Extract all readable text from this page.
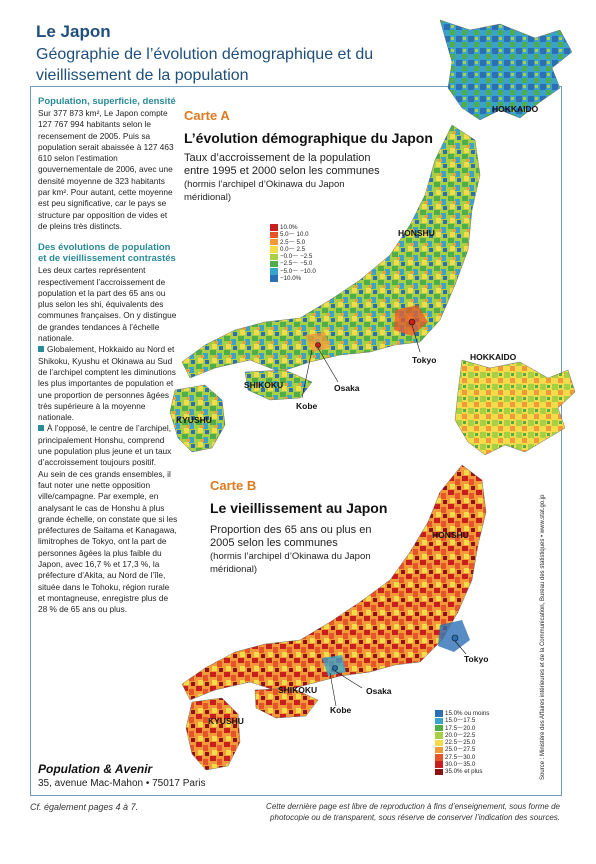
Le Japon
Géographie de l’évolution démographique et du vieillissement de la population
Population, superficie, densité

Sur 377 873 km², Le Japon compte 127 767 994 habitants selon le recensement de 2005. Puis sa population serait abaissée à 127 463 610 selon l’estimation gouvernementale de 2006, avec une densité moyenne de 323 habitants par km². Pour autant, cette moyenne est peu significative, car le pays se structure par opposition de vides et de pleins très distincts.

Des évolutions de population et de vieillissement contrastés

Les deux cartes représentent respectivement l’accroissement de population et la part des 65 ans ou plus selon les shi, équivalents des communes françaises. On y distingue de grandes tendances à l’échelle nationale.

Globalement, Hokkaido au Nord et Shikoku, Kyushu et Okinawa au Sud de l’archipel comptent les diminutions les plus importantes de population et une proportion de personnes âgées très supérieure à la moyenne nationale.

À l’opposé, le centre de l’archipel, principalement Honshu, comprend une population plus jeune et un taux d’accroissement toujours positif.

Au sein de ces grands ensembles, il faut noter une nette opposition ville/campagne. Par exemple, en analysant le cas de Honshu à plus grande échelle, on constate que si les préfectures de Saitama et Kanagawa, limitrophes de Tokyo, ont la part de personnes âgées la plus faible du Japon, avec 16,7 % et 17,3 %, la préfecture d’Akita, au Nord de l’île, située dans le Tohoku, région rurale et montagneuse, enregistre plus de 28 % de 65 ans ou plus.

Carte A
L’évolution démographique du Japon
Taux d’accroissement de la population entre 1995 et 2000 selon les communes
(hormis l’archipel d’Okinawa du Japon méridional)
10.0%
5.0〜 10.0
2.5〜 5.0
0.0〜 2.5
−0.0〜 −2.5
−2.5〜 −5.0
−5.0〜 −10.0
−10.0%
HOKKAIDO
HONSHU
Tokyo
Osaka
Kobe
SHIKOKU
KYUSHU
Carte B
Le vieillissement au Japon
Proportion des 65 ans ou plus en 2005 selon les communes
(hormis l’archipel d’Okinawa du Japon méridional)
15.0% ou moins
15.0〜17.5
17.5〜20.0
20.0〜22.5
22.5〜25.0
25.0〜27.5
27.5〜30.0
30.0〜35.0
35.0% et plus
HOKKAIDO
HONSHU
Tokyo
Osaka
Kobe
SHIKOKU
KYUSHU	Source : Ministère des Affaires intérieures et de la Communication, Bureau des statistiques • www.stat.go.jp
Population & Avenir
35, avenue Mac-Mahon • 75017 Paris
Cf. également pages 4 à 7.	Cette dernière page est libre de reproduction à fins d’enseignement, sous forme de photocopie ou de transparent, sous réserve de conserver l’indication des sources.
